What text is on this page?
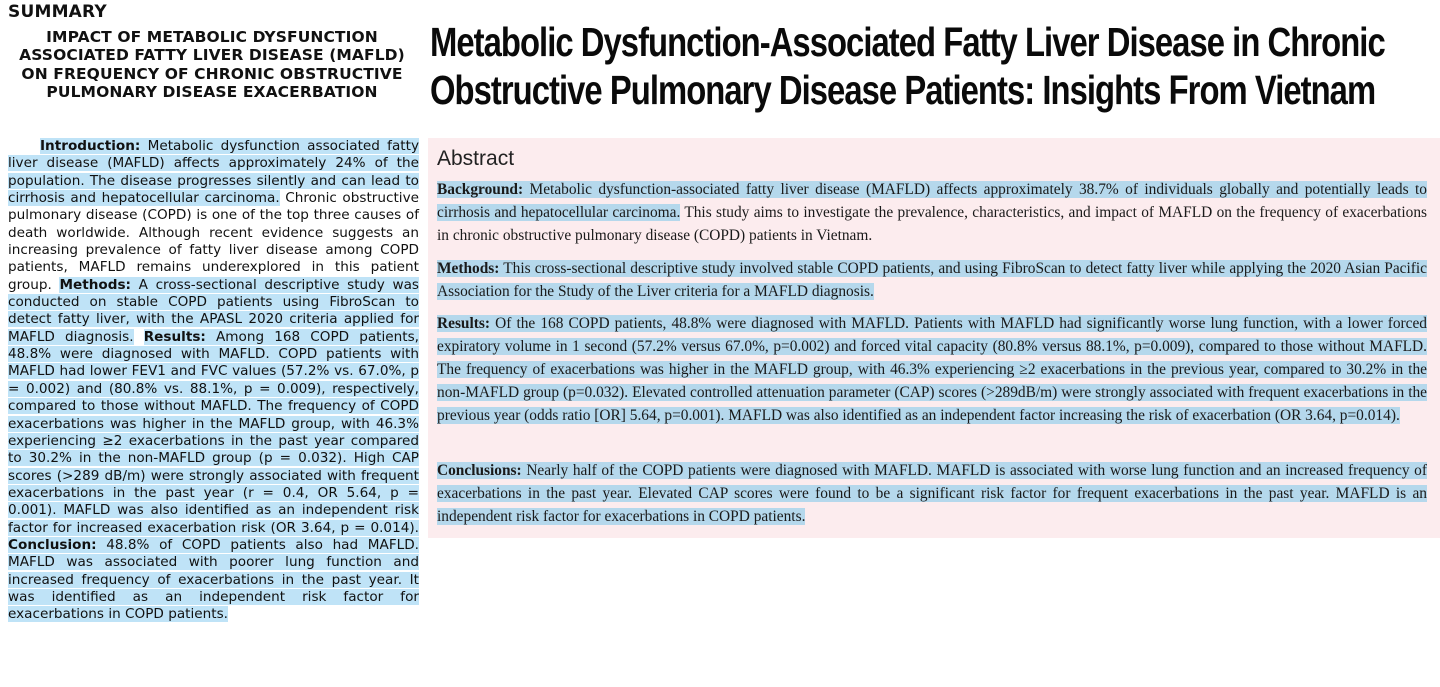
SUMMARY
IMPACT OF METABOLIC DYSFUNCTION ASSOCIATED FATTY LIVER DISEASE (MAFLD) ON FREQUENCY OF CHRONIC OBSTRUCTIVE PULMONARY DISEASE EXACERBATION
Introduction: Metabolic dysfunction associated fatty liver disease (MAFLD) affects approximately 24% of the population. The disease progresses silently and can lead to cirrhosis and hepatocellular carcinoma. Chronic obstructive pulmonary disease (COPD) is one of the top three causes of death worldwide. Although recent evidence suggests an increasing prevalence of fatty liver disease among COPD patients, MAFLD remains underexplored in this patient group. Methods: A cross-sectional descriptive study was conducted on stable COPD patients using FibroScan to detect fatty liver, with the APASL 2020 criteria applied for MAFLD diagnosis. Results: Among 168 COPD patients, 48.8% were diagnosed with MAFLD. COPD patients with MAFLD had lower FEV1 and FVC values (57.2% vs. 67.0%, p = 0.002) and (80.8% vs. 88.1%, p = 0.009), respectively, compared to those without MAFLD. The frequency of COPD exacerbations was higher in the MAFLD group, with 46.3% experiencing ≥2 exacerbations in the past year compared to 30.2% in the non-MAFLD group (p = 0.032). High CAP scores (>289 dB/m) were strongly associated with frequent exacerbations in the past year (r = 0.4, OR 5.64, p = 0.001). MAFLD was also identified as an independent risk factor for increased exacerbation risk (OR 3.64, p = 0.014). Conclusion: 48.8% of COPD patients also had MAFLD. MAFLD was associated with poorer lung function and increased frequency of exacerbations in the past year. It was identified as an independent risk factor for exacerbations in COPD patients.
Metabolic Dysfunction-Associated Fatty Liver Disease in Chronic Obstructive Pulmonary Disease Patients: Insights From Vietnam
Abstract
Background: Metabolic dysfunction-associated fatty liver disease (MAFLD) affects approximately 38.7% of individuals globally and potentially leads to cirrhosis and hepatocellular carcinoma. This study aims to investigate the prevalence, characteristics, and impact of MAFLD on the frequency of exacerbations in chronic obstructive pulmonary disease (COPD) patients in Vietnam.
Methods: This cross-sectional descriptive study involved stable COPD patients, and using FibroScan to detect fatty liver while applying the 2020 Asian Pacific Association for the Study of the Liver criteria for a MAFLD diagnosis.
Results: Of the 168 COPD patients, 48.8% were diagnosed with MAFLD. Patients with MAFLD had significantly worse lung function, with a lower forced expiratory volume in 1 second (57.2% versus 67.0%, p=0.002) and forced vital capacity (80.8% versus 88.1%, p=0.009), compared to those without MAFLD. The frequency of exacerbations was higher in the MAFLD group, with 46.3% experiencing ≥2 exacerbations in the previous year, compared to 30.2% in the non-MAFLD group (p=0.032). Elevated controlled attenuation parameter (CAP) scores (>289dB/m) were strongly associated with frequent exacerbations in the previous year (odds ratio [OR] 5.64, p=0.001). MAFLD was also identified as an independent factor increasing the risk of exacerbation (OR 3.64, p=0.014).
Conclusions: Nearly half of the COPD patients were diagnosed with MAFLD. MAFLD is associated with worse lung function and an increased frequency of exacerbations in the past year. Elevated CAP scores were found to be a significant risk factor for frequent exacerbations in the past year. MAFLD is an independent risk factor for exacerbations in COPD patients.
